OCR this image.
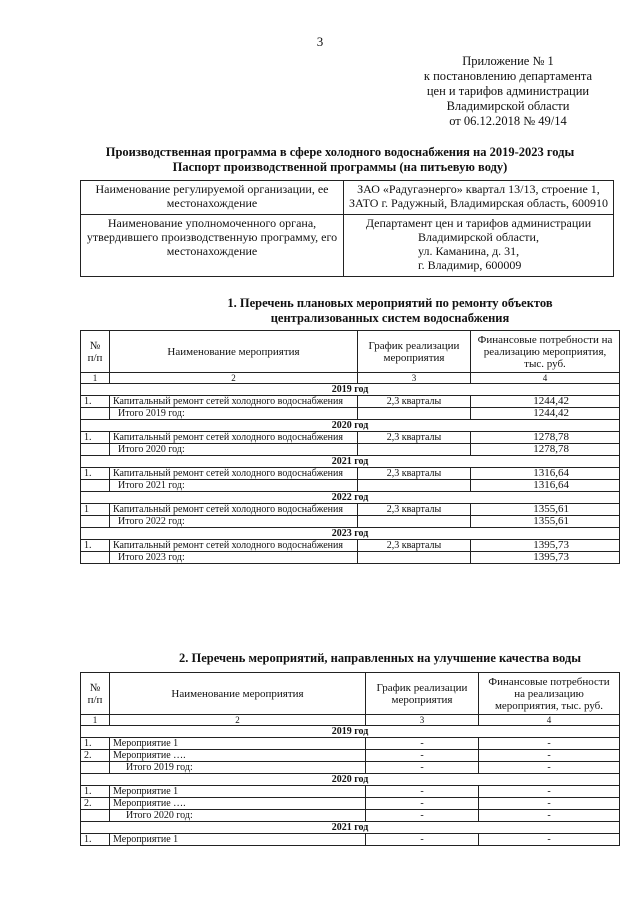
3
Приложение № 1
к постановлению департамента
цен и тарифов администрации
Владимирской области
от 06.12.2018 № 49/14
Производственная программа в сфере холодного водоснабжения на 2019-2023 годы
Паспорт производственной программы (на питьевую воду)
Наименование регулируемой организации, ее местонахождение	ЗАО «Радугаэнерго» квартал 13/13, строение 1, ЗАТО г. Радужный, Владимирская область, 600910
Наименование уполномоченного органа, утвердившего производственную программу, его местонахождение	Департамент цен и тарифов администрации
Владимирской области,
ул. Каманина, д. 31,
г. Владимир, 600009
1. Перечень плановых мероприятий по ремонту объектов
централизованных систем водоснабжения
№ п/п	Наименование мероприятия	График реализации мероприятия	Финансовые потребности на реализацию мероприятия, тыс. руб.
1	2	3	4
2019 год			
1.	Капитальный ремонт сетей холодного водоснабжения	2,3 кварталы	1244,42
	Итого 2019 год:		1244,42
2020 год			
1.	Капитальный ремонт сетей холодного водоснабжения	2,3 кварталы	1278,78
	Итого 2020 год:		1278,78
2021 год			
1.	Капитальный ремонт сетей холодного водоснабжения	2,3 кварталы	1316,64
	Итого 2021 год:		1316,64
2022 год			
1	Капитальный ремонт сетей холодного водоснабжения	2,3 кварталы	1355,61
	Итого 2022 год:		1355,61
2023 год			
1.	Капитальный ремонт сетей холодного водоснабжения	2,3 кварталы	1395,73
	Итого 2023 год:		1395,73
2. Перечень мероприятий, направленных на улучшение качества воды
№ п/п	Наименование мероприятия	График реализации мероприятия	Финансовые потребности на реализацию мероприятия, тыс. руб.
1	2	3	4
2019 год			
1.	Мероприятие 1	-	-
2.	Мероприятие ….	-	-
	Итого 2019 год:	-	-
2020 год			
1.	Мероприятие 1	-	-
2.	Мероприятие ….	-	-
	Итого 2020 год:	-	-
2021 год			
1.	Мероприятие 1	-	-
